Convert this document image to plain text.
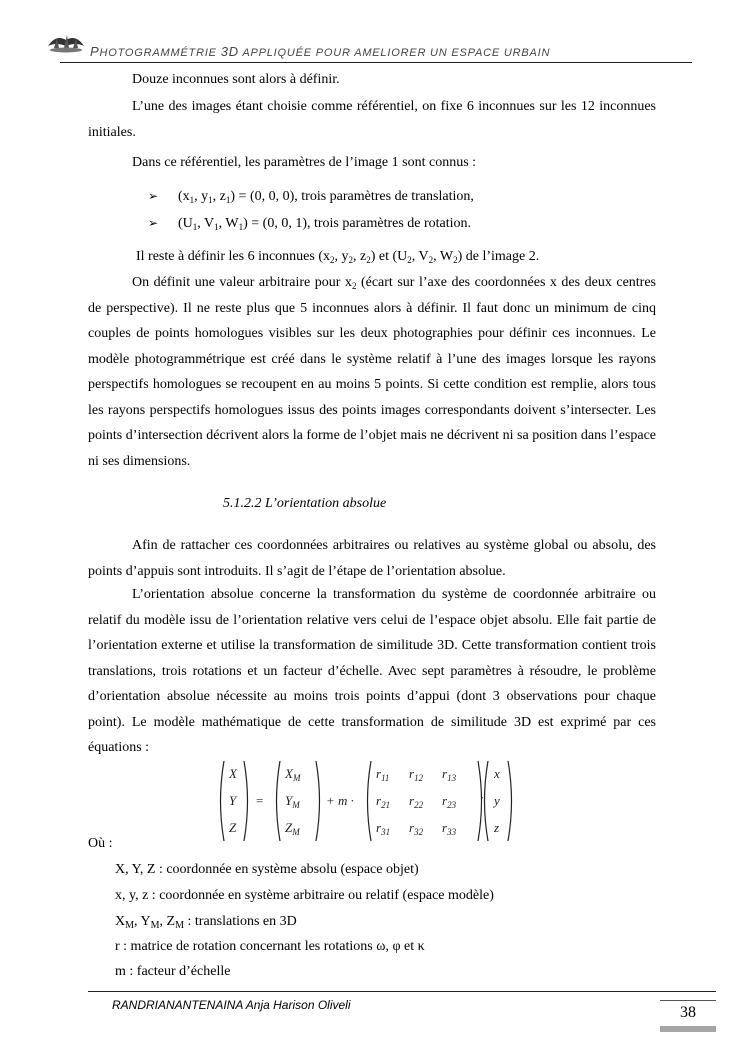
PHOTOGRAMMÉTRIE 3D APPLIQUÉE POUR AMELIORER UN ESPACE URBAIN
Douze inconnues sont alors à définir.
L’une des images étant choisie comme référentiel, on fixe 6 inconnues sur les 12 inconnues initiales.
Dans ce référentiel, les paramètres de l’image 1 sont connus :
➢ ($x_1$, $y_1$, $z_1) = (0$, 0, 0), trois paramètres de translation,
➢ ($U_1$, $V_1$, $W_1) = (0$, 0, 1), trois paramètres de rotation.
Il reste à définir les 6 inconnues ($x_2$, $y_2$, $z_2$) et ($U_2$, $V_2$, $W_2$) de l’image 2.
On définit une valeur arbitraire pour $x_2$ (écart sur l’axe des coordonnées x des deux centres de perspective). Il ne reste plus que 5 inconnues alors à définir. Il faut donc un minimum de cinq couples de points homologues visibles sur les deux photographies pour définir ces inconnues. Le modèle photogrammétrique est créé dans le système relatif à l’une des images lorsque les rayons perspectifs homologues se recoupent en au moins 5 points. Si cette condition est remplie, alors tous les rayons perspectifs homologues issus des points images correspondants doivent s’intersecter. Les points d’intersection décrivent alors la forme de l’objet mais ne décrivent ni sa position dans l’espace ni ses dimensions.
5.1.2.2 L’orientation absolue
Afin de rattacher ces coordonnées arbitraires ou relatives au système global ou absolu, des points d’appuis sont introduits. Il s’agit de l’étape de l’orientation absolue.
L’orientation absolue concerne la transformation du système de coordonnée arbitraire ou relatif du modèle issu de l’orientation relative vers celui de l’espace objet absolu. Elle fait partie de l’orientation externe et utilise la transformation de similitude 3D. Cette transformation contient trois translations, trois rotations et un facteur d’échelle. Avec sept paramètres à résoudre, le problème d’orientation absolue nécessite au moins trois points d’appui (dont 3 observations pour chaque point). Le modèle mathématique de cette transformation de similitude 3D est exprimé par ces équations :
X
Y
Z
=
$X_M$
$Y_M$
$Z_M$
+ m ·
$r_{11}$ $r_{12}$ $r_{13}$
$r_{21}$ $r_{22}$ $r_{23}$
$r_{31}$ $r_{32}$ $r_{33}$
·
x
y
z
Où :
X, Y, Z : coordonnée en système absolu (espace objet)
x, y, z : coordonnée en système arbitraire ou relatif (espace modèle)
$X_M$, $Y_M$, $Z_M$ : translations en 3D
r : matrice de rotation concernant les rotations ω, φ et κ
m : facteur d’échelle
RANDRIANANTENAINA Anja Harison Oliveli	38
